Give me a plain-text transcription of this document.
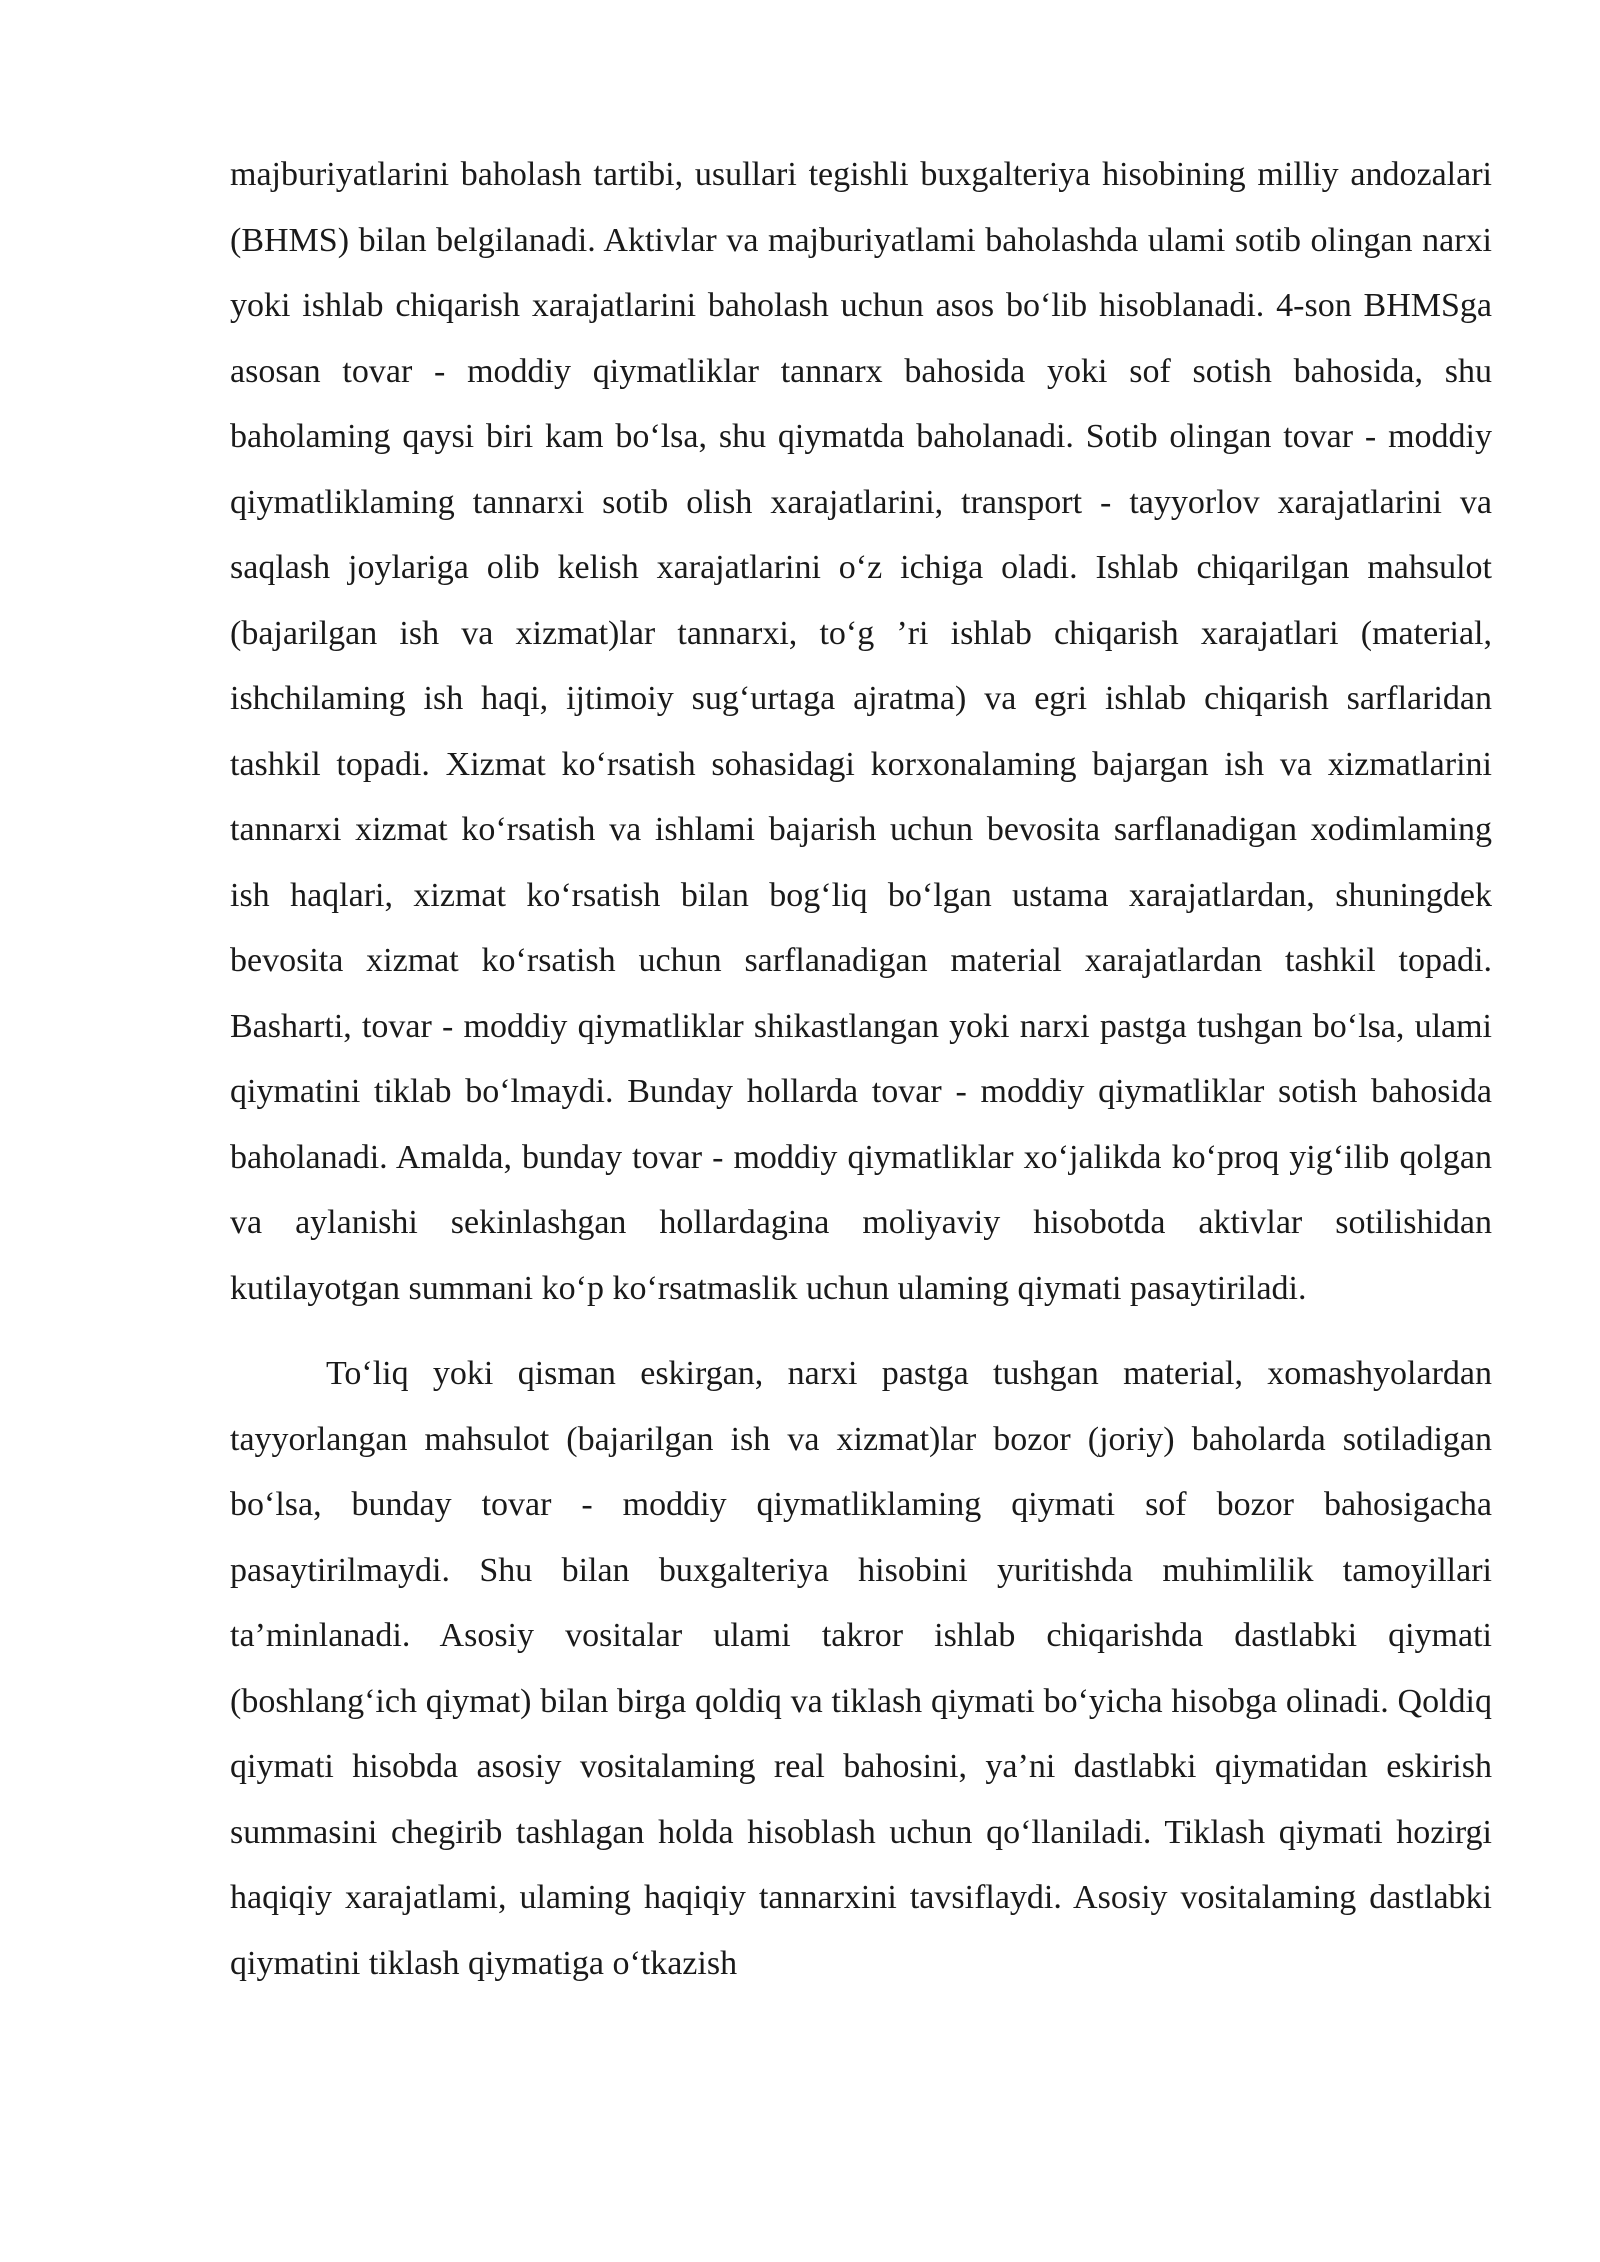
majburiyatlarini baholash tartibi, usullari tegishli buxgalteriya hisobining milliy andozalari (BHMS) bilan belgilanadi. Aktivlar va majburiyatlami baholashda ulami sotib olingan narxi yoki ishlab chiqarish xarajatlarini baholash uchun asos bo‘lib hisoblanadi. 4-son BHMSga asosan tovar - moddiy qiymatliklar tannarx bahosida yoki sof sotish bahosida, shu baholaming qaysi biri kam bo‘lsa, shu qiymatda baholanadi. Sotib olingan tovar - moddiy qiymatliklaming tannarxi sotib olish xarajatlarini, transport - tayyorlov xarajatlarini va saqlash joylariga olib kelish xarajatlarini o‘z ichiga oladi. Ishlab chiqarilgan mahsulot (bajarilgan ish va xizmat)lar tannarxi, to‘g ’ri ishlab chiqarish xarajatlari (material, ishchilaming ish haqi, ijtimoiy sug‘urtaga ajratma) va egri ishlab chiqarish sarflaridan tashkil topadi. Xizmat ko‘rsatish sohasidagi korxonalaming bajargan ish va xizmatlarini tannarxi xizmat ko‘rsatish va ishlami bajarish uchun bevosita sarflanadigan xodimlaming ish haqlari, xizmat ko‘rsatish bilan bog‘liq bo‘lgan ustama xarajatlardan, shuningdek bevosita xizmat ko‘rsatish uchun sarflanadigan material xarajatlardan tashkil topadi. Basharti, tovar - moddiy qiymatliklar shikastlangan yoki narxi pastga tushgan bo‘lsa, ulami qiymatini tiklab bo‘lmaydi. Bunday hollarda tovar - moddiy qiymatliklar sotish bahosida baholanadi. Amalda, bunday tovar - moddiy qiymatliklar xo‘jalikda ko‘proq yig‘ilib qolgan va aylanishi sekinlashgan hollardagina moliyaviy hisobotda aktivlar sotilishidan kutilayotgan summani ko‘p ko‘rsatmaslik uchun ulaming qiymati pasaytiriladi.

To‘liq yoki qisman eskirgan, narxi pastga tushgan material, xomashyolardan tayyorlangan mahsulot (bajarilgan ish va xizmat)lar bozor (joriy) baholarda sotiladigan bo‘lsa, bunday tovar - moddiy qiymatliklaming qiymati sof bozor bahosigacha pasaytirilmaydi. Shu bilan buxgalteriya hisobini yuritishda muhimlilik tamoyillari ta’minlanadi. Asosiy vositalar ulami takror ishlab chiqarishda dastlabki qiymati (boshlang‘ich qiymat) bilan birga qoldiq va tiklash qiymati bo‘yicha hisobga olinadi. Qoldiq qiymati hisobda asosiy vositalaming real bahosini, ya’ni dastlabki qiymatidan eskirish summasini chegirib tashlagan holda hisoblash uchun qo‘llaniladi. Tiklash qiymati hozirgi haqiqiy xarajatlami, ulaming haqiqiy tannarxini tavsiflaydi. Asosiy vositalaming dastlabki qiymatini tiklash qiymatiga o‘tkazish
